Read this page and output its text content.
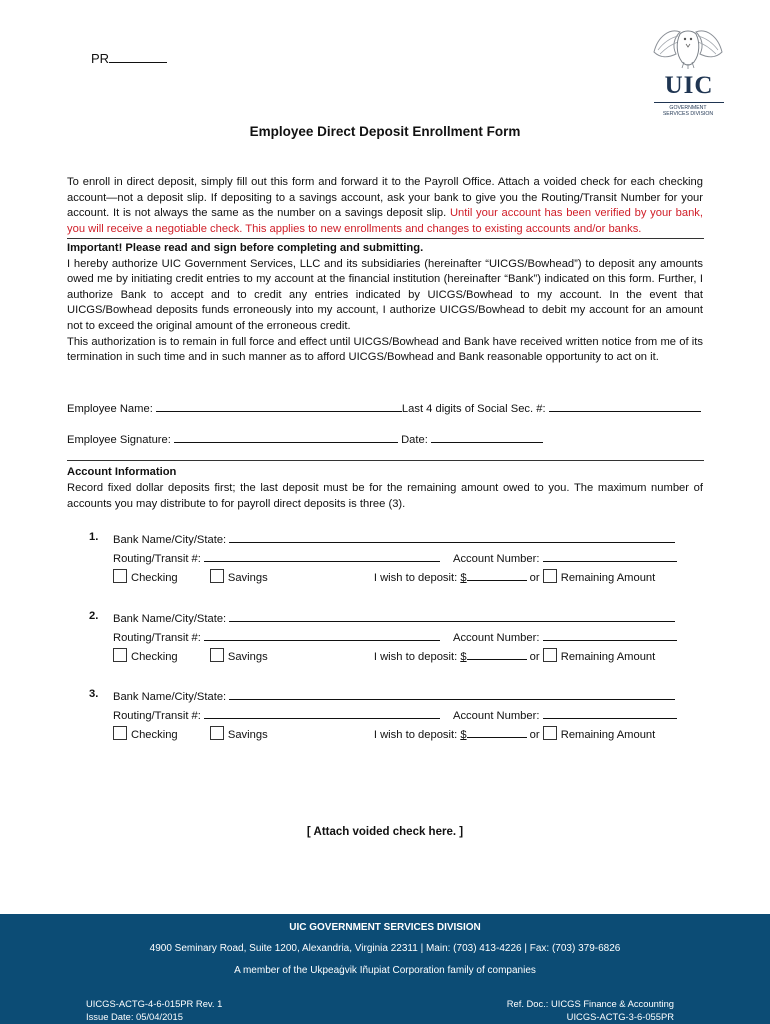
PR
UIC
GOVERNMENT
SERVICES DIVISION
Employee Direct Deposit Enrollment Form
To enroll in direct deposit, simply fill out this form and forward it to the Payroll Office. Attach a voided check for each checking account—not a deposit slip. If depositing to a savings account, ask your bank to give you the Routing/Transit Number for your account. It is not always the same as the number on a savings deposit slip. Until your account has been verified by your bank, you will receive a negotiable check. This applies to new enrollments and changes to existing accounts and/or banks.
Important! Please read and sign before completing and submitting.
I hereby authorize UIC Government Services, LLC and its subsidiaries (hereinafter “UICGS/Bowhead”) to deposit any amounts owed me by initiating credit entries to my account at the financial institution (hereinafter “Bank”) indicated on this form. Further, I authorize Bank to accept and to credit any entries indicated by UICGS/Bowhead to my account. In the event that UICGS/Bowhead deposits funds erroneously into my account, I authorize UICGS/Bowhead to debit my account for an amount not to exceed the original amount of the erroneous credit.
This authorization is to remain in full force and effect until UICGS/Bowhead and Bank have received written notice from me of its termination in such time and in such manner as to afford UICGS/Bowhead and Bank reasonable opportunity to act on it.
Employee Name:	Last 4 digits of Social Sec. #:
Employee Signature:	Date:
Account Information
Record fixed dollar deposits first; the last deposit must be for the remaining amount owed to you. The maximum number of accounts you may distribute to for payroll direct deposits is three (3).
1. Bank Name/City/State:
Routing/Transit #:	Account Number:
Checking	Savings	I wish to deposit: $	or Remaining Amount
2. Bank Name/City/State:
Routing/Transit #:	Account Number:
Checking	Savings	I wish to deposit: $	or Remaining Amount
3. Bank Name/City/State:
Routing/Transit #:	Account Number:
Checking	Savings	I wish to deposit: $	or Remaining Amount
[ Attach voided check here. ]
UIC GOVERNMENT SERVICES DIVISION
4900 Seminary Road, Suite 1200, Alexandria, Virginia 22311 | Main: (703) 413-4226 | Fax: (703) 379-6826
A member of the Ukpeaġvik Iñupiat Corporation family of companies
UICGS-ACTG-4-6-015PR Rev. 1
Issue Date: 05/04/2015
Ref. Doc.: UICGS Finance & Accounting
UICGS-ACTG-3-6-055PR
